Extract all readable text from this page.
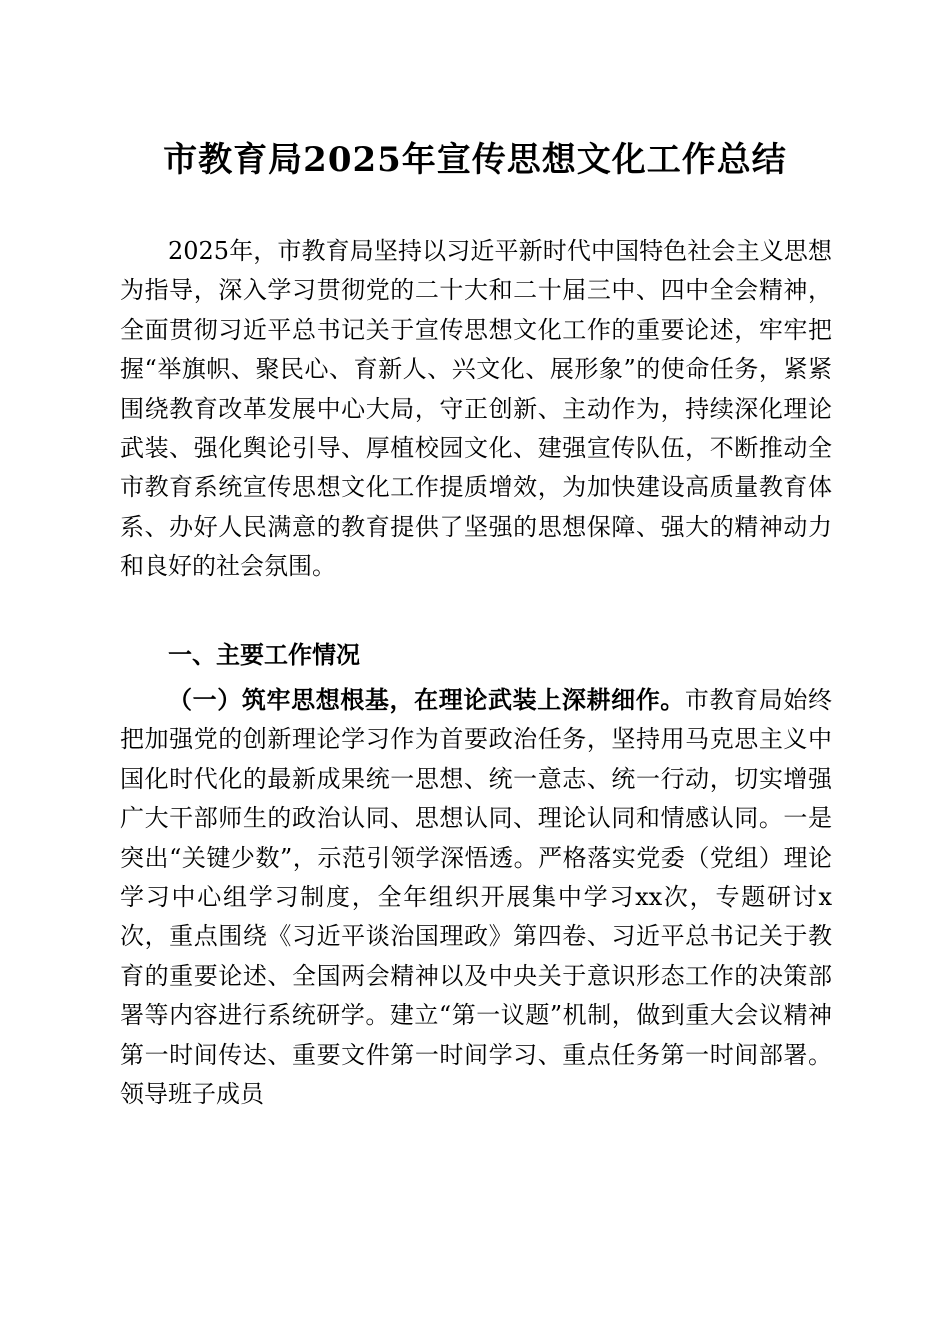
市教育局2025年宣传思想文化工作总结
2025年，市教育局坚持以习近平新时代中国特色社会主义思想为指导，深入学习贯彻党的二十大和二十届三中、四中全会精神，全面贯彻习近平总书记关于宣传思想文化工作的重要论述，牢牢把握“举旗帜、聚民心、育新人、兴文化、展形象”的使命任务，紧紧围绕教育改革发展中心大局，守正创新、主动作为，持续深化理论武装、强化舆论引导、厚植校园文化、建强宣传队伍，不断推动全市教育系统宣传思想文化工作提质增效，为加快建设高质量教育体系、办好人民满意的教育提供了坚强的思想保障、强大的精神动力和良好的社会氛围。
一、主要工作情况
（一）筑牢思想根基，在理论武装上深耕细作。市教育局始终把加强党的创新理论学习作为首要政治任务，坚持用马克思主义中国化时代化的最新成果统一思想、统一意志、统一行动，切实增强广大干部师生的政治认同、思想认同、理论认同和情感认同。一是突出“关键少数”，示范引领学深悟透。严格落实党委（党组）理论学习中心组学习制度，全年组织开展集中学习xx次，专题研讨x次，重点围绕《习近平谈治国理政》第四卷、习近平总书记关于教育的重要论述、全国两会精神以及中央关于意识形态工作的决策部署等内容进行系统研学。建立“第一议题”机制，做到重大会议精神第一时间传达、重要文件第一时间学习、重点任务第一时间部署。领导班子成员
